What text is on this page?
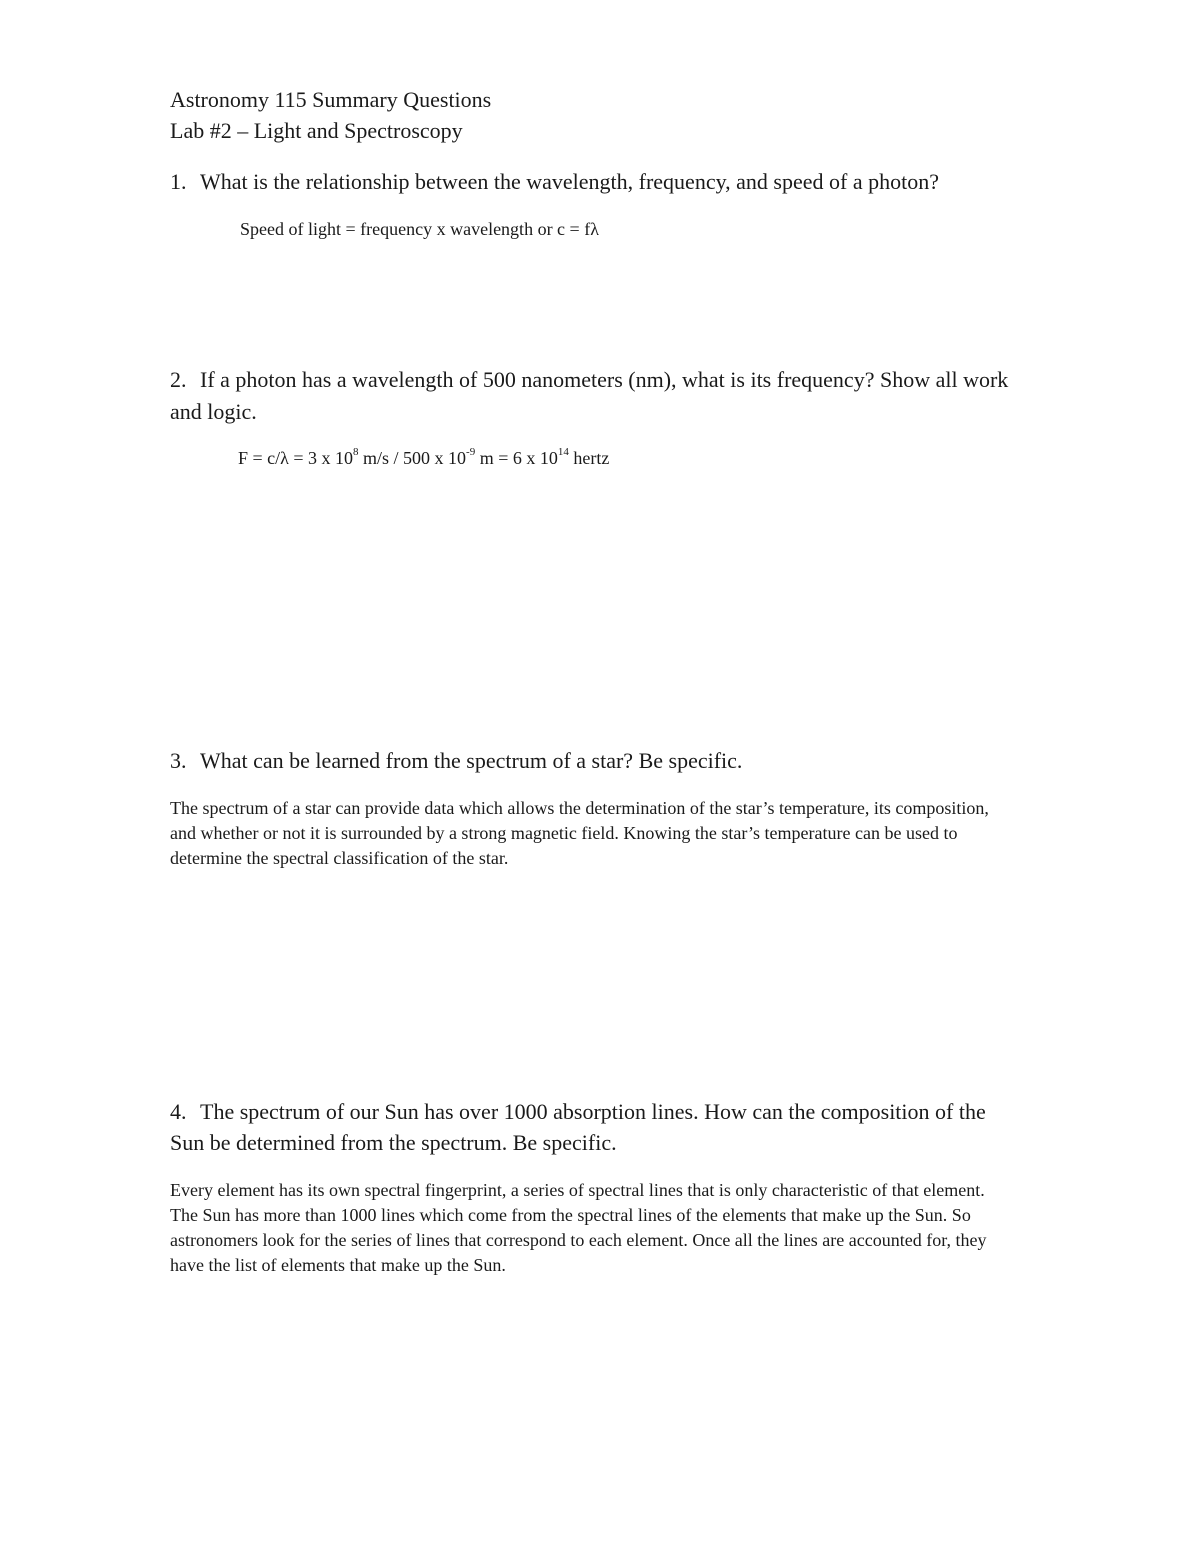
Astronomy 115 Summary Questions
Lab #2 – Light and Spectroscopy
1. What is the relationship between the wavelength, frequency, and speed of a photon?
Speed of light = frequency x wavelength or c = fλ
2. If a photon has a wavelength of 500 nanometers (nm), what is its frequency? Show all work
and logic.
F = c/λ = 3 x $10^8$ m/s / 500 x $10^{-9}$ m = 6 x $10^{14}$ hertz
3. What can be learned from the spectrum of a star? Be specific.
The spectrum of a star can provide data which allows the determination of the star’s temperature, its composition,
and whether or not it is surrounded by a strong magnetic field. Knowing the star’s temperature can be used to
determine the spectral classification of the star.
4. The spectrum of our Sun has over 1000 absorption lines. How can the composition of the
Sun be determined from the spectrum. Be specific.
Every element has its own spectral fingerprint, a series of spectral lines that is only characteristic of that element.
The Sun has more than 1000 lines which come from the spectral lines of the elements that make up the Sun. So
astronomers look for the series of lines that correspond to each element. Once all the lines are accounted for, they
have the list of elements that make up the Sun.
